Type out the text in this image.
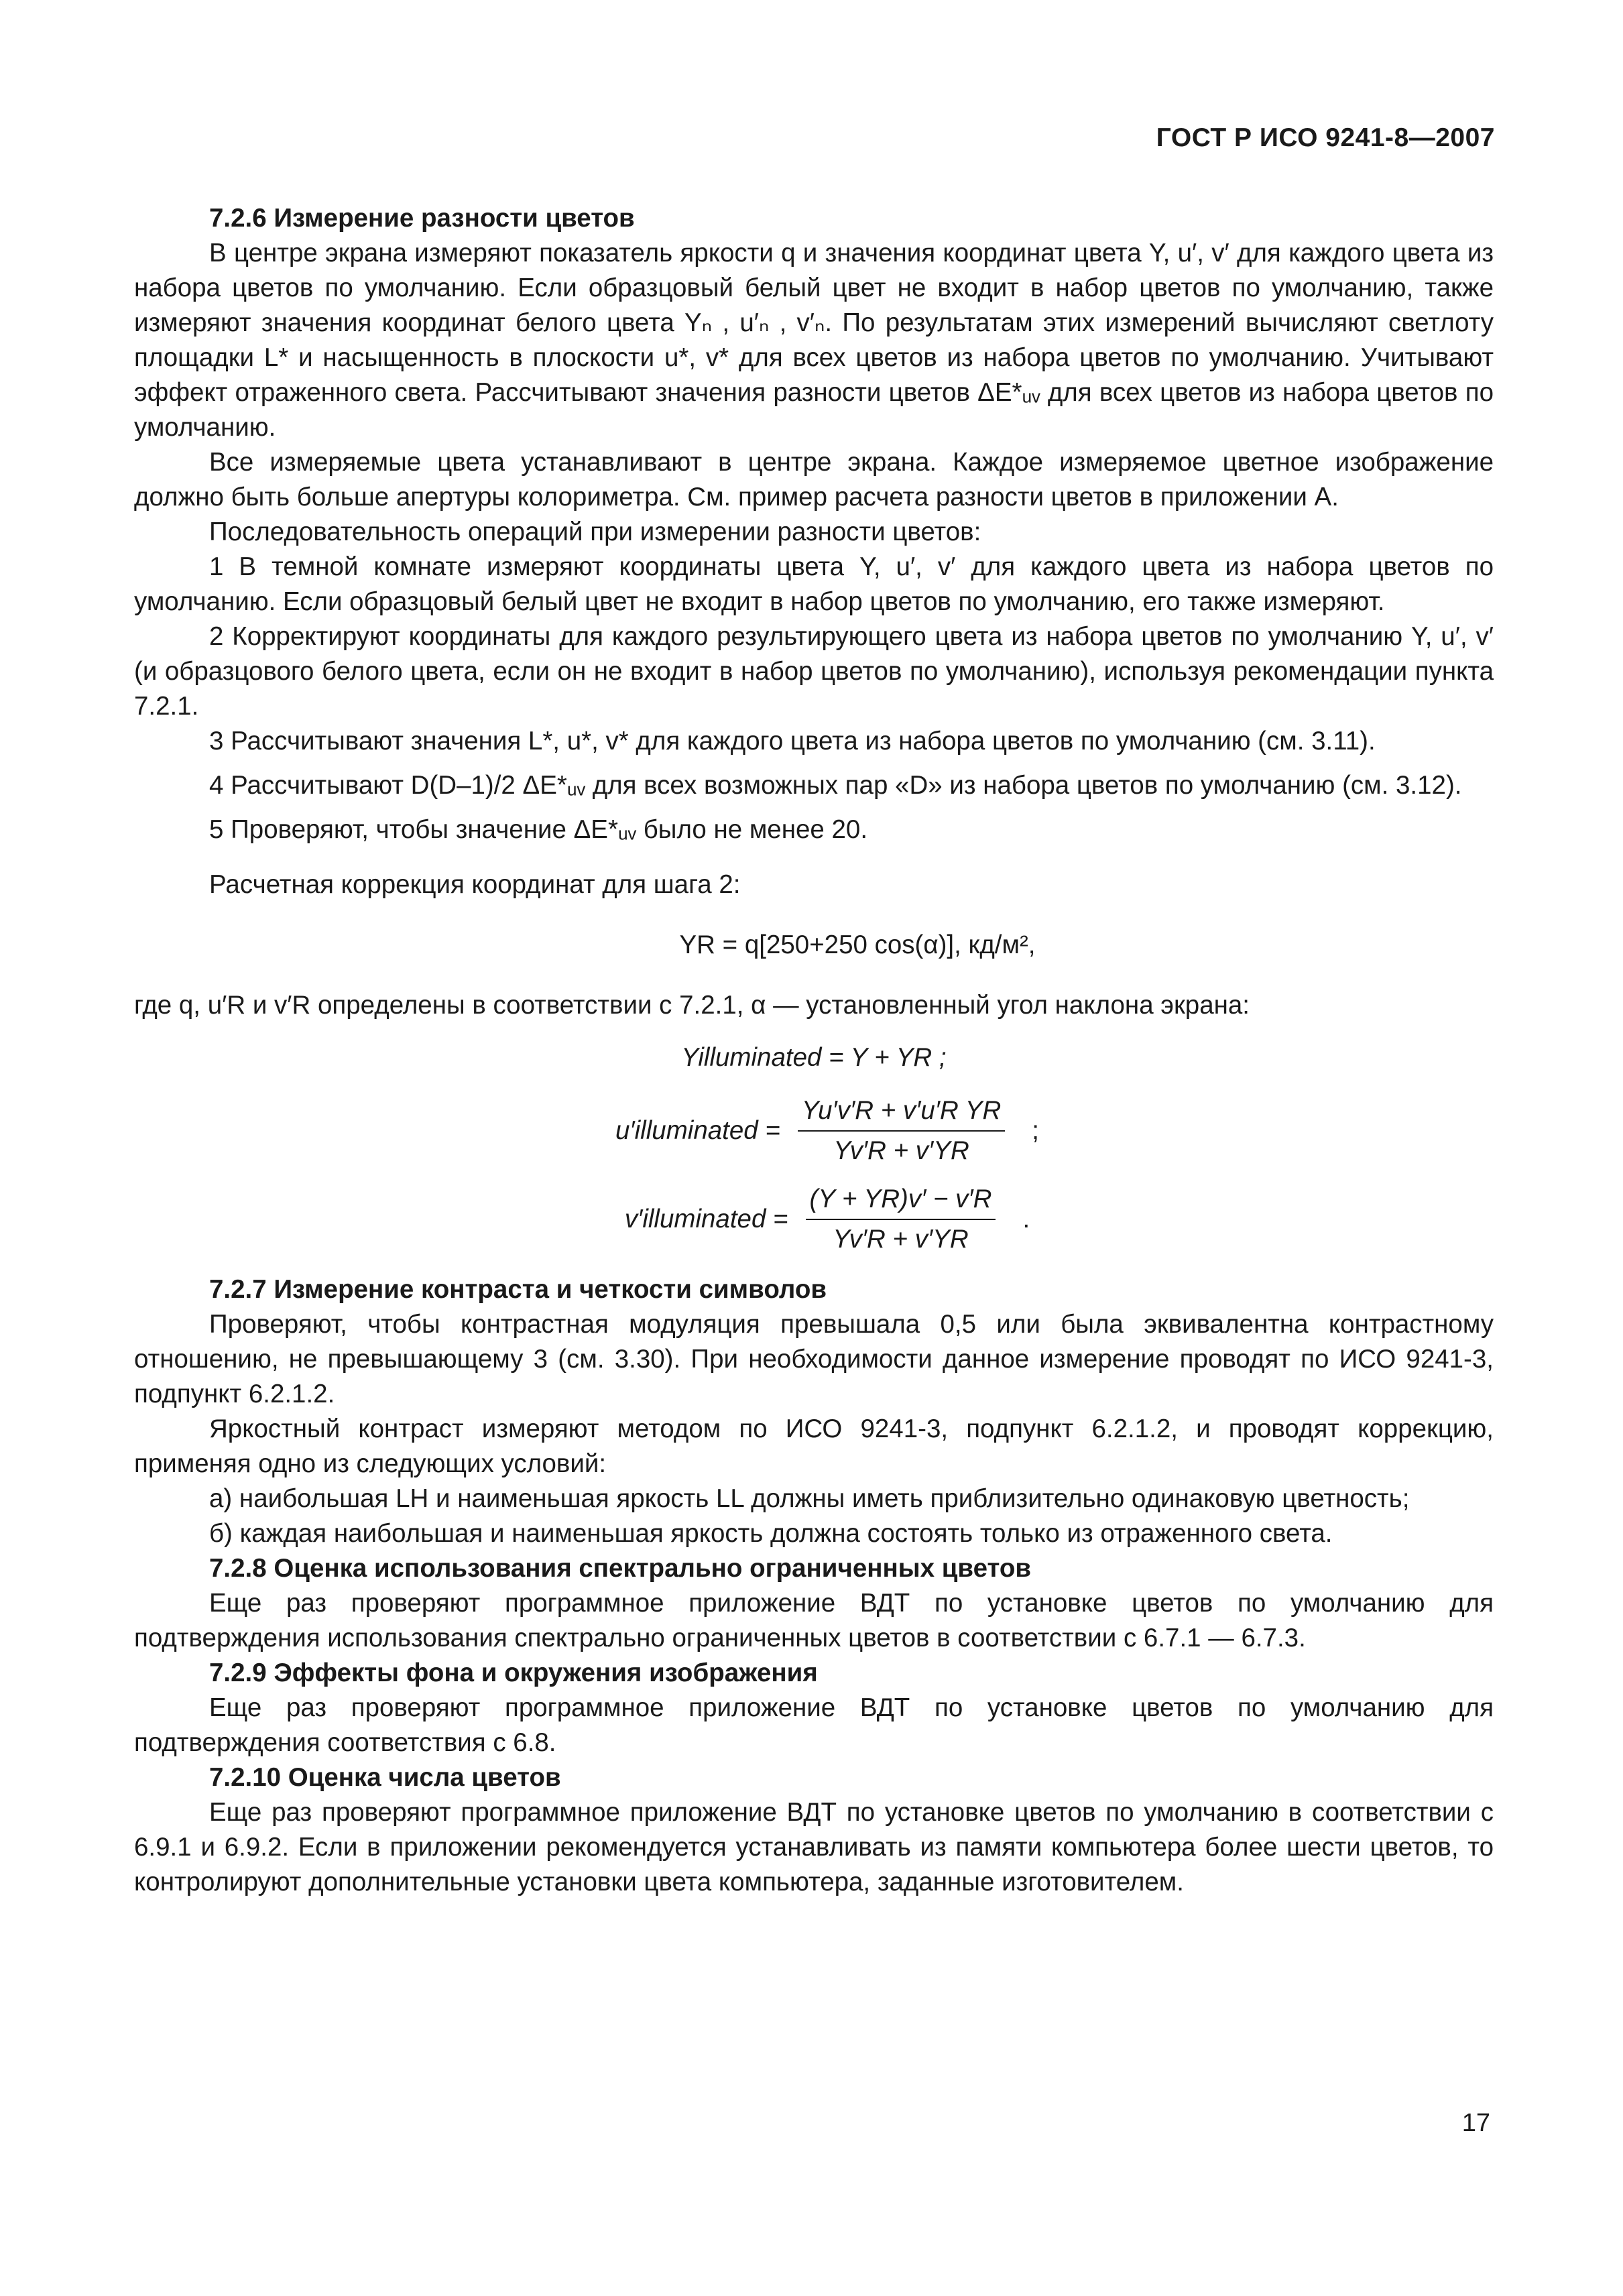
ГОСТ Р ИСО 9241-8—2007

7.2.6 Измерение разности цветов

В центре экрана измеряют показатель яркости q и значения координат цвета Y, u′, v′ для каждого цвета из набора цветов по умолчанию. Если образцовый белый цвет не входит в набор цветов по умолчанию, также измеряют значения координат белого цвета Yₙ , u′ₙ , v′ₙ. По результатам этих измерений вычисляют светлоту площадки L* и насыщенность в плоскости u*, v* для всех цветов из набора цветов по умолчанию. Учитывают эффект отраженного света. Рассчитывают значения разности цветов ΔE*ᵤᵥ для всех цветов из набора цветов по умолчанию.

Все измеряемые цвета устанавливают в центре экрана. Каждое измеряемое цветное изображение должно быть больше апертуры колориметра. См. пример расчета разности цветов в приложении А.

Последовательность операций при измерении разности цветов:

1 В темной комнате измеряют координаты цвета Y, u′, v′ для каждого цвета из набора цветов по умолчанию. Если образцовый белый цвет не входит в набор цветов по умолчанию, его также измеряют.

2 Корректируют координаты для каждого результирующего цвета из набора цветов по умолчанию Y, u′, v′ (и образцового белого цвета, если он не входит в набор цветов по умолчанию), используя рекомендации пункта 7.2.1.

3 Рассчитывают значения L*, u*, v* для каждого цвета из набора цветов по умолчанию (см. 3.11).

4 Рассчитывают D(D–1)/2 ΔE*ᵤᵥ для всех возможных пар «D» из набора цветов по умолчанию (см. 3.12).

5 Проверяют, чтобы значение ΔE*ᵤᵥ было не менее 20.

Расчетная коррекция координат для шага 2:

YR = q[250+250 cos(α)], кд/м²,

где q, u′R и v′R определены в соответствии с 7.2.1, α — установленный угол наклона экрана:

Yilluminated = Y + YR ;

u′illuminated = $\frac{\text{Yu′v′R + v′u′R YR}}{Yv'R + v'YR}$ ;
v′illuminated = $\frac{(Y + YR)v' - v'R}{Yv'R + v'YR}$ .

7.2.7 Измерение контраста и четкости символов

Проверяют, чтобы контрастная модуляция превышала 0,5 или была эквивалентна контрастному отношению, не превышающему 3 (см. 3.30). При необходимости данное измерение проводят по ИСО 9241-3, подпункт 6.2.1.2.

Яркостный контраст измеряют методом по ИСО 9241-3, подпункт 6.2.1.2, и проводят коррекцию, применяя одно из следующих условий:

а) наибольшая LH и наименьшая яркость LL должны иметь приблизительно одинаковую цветность;

б) каждая наибольшая и наименьшая яркость должна состоять только из отраженного света.

7.2.8 Оценка использования спектрально ограниченных цветов

Еще раз проверяют программное приложение ВДТ по установке цветов по умолчанию для подтверждения использования спектрально ограниченных цветов в соответствии с 6.7.1 — 6.7.3.

7.2.9 Эффекты фона и окружения изображения

Еще раз проверяют программное приложение ВДТ по установке цветов по умолчанию для подтверждения соответствия с 6.8.

7.2.10 Оценка числа цветов

Еще раз проверяют программное приложение ВДТ по установке цветов по умолчанию в соответствии с 6.9.1 и 6.9.2. Если в приложении рекомендуется устанавливать из памяти компьютера более шести цветов, то контролируют дополнительные установки цвета компьютера, заданные изготовителем.

17
